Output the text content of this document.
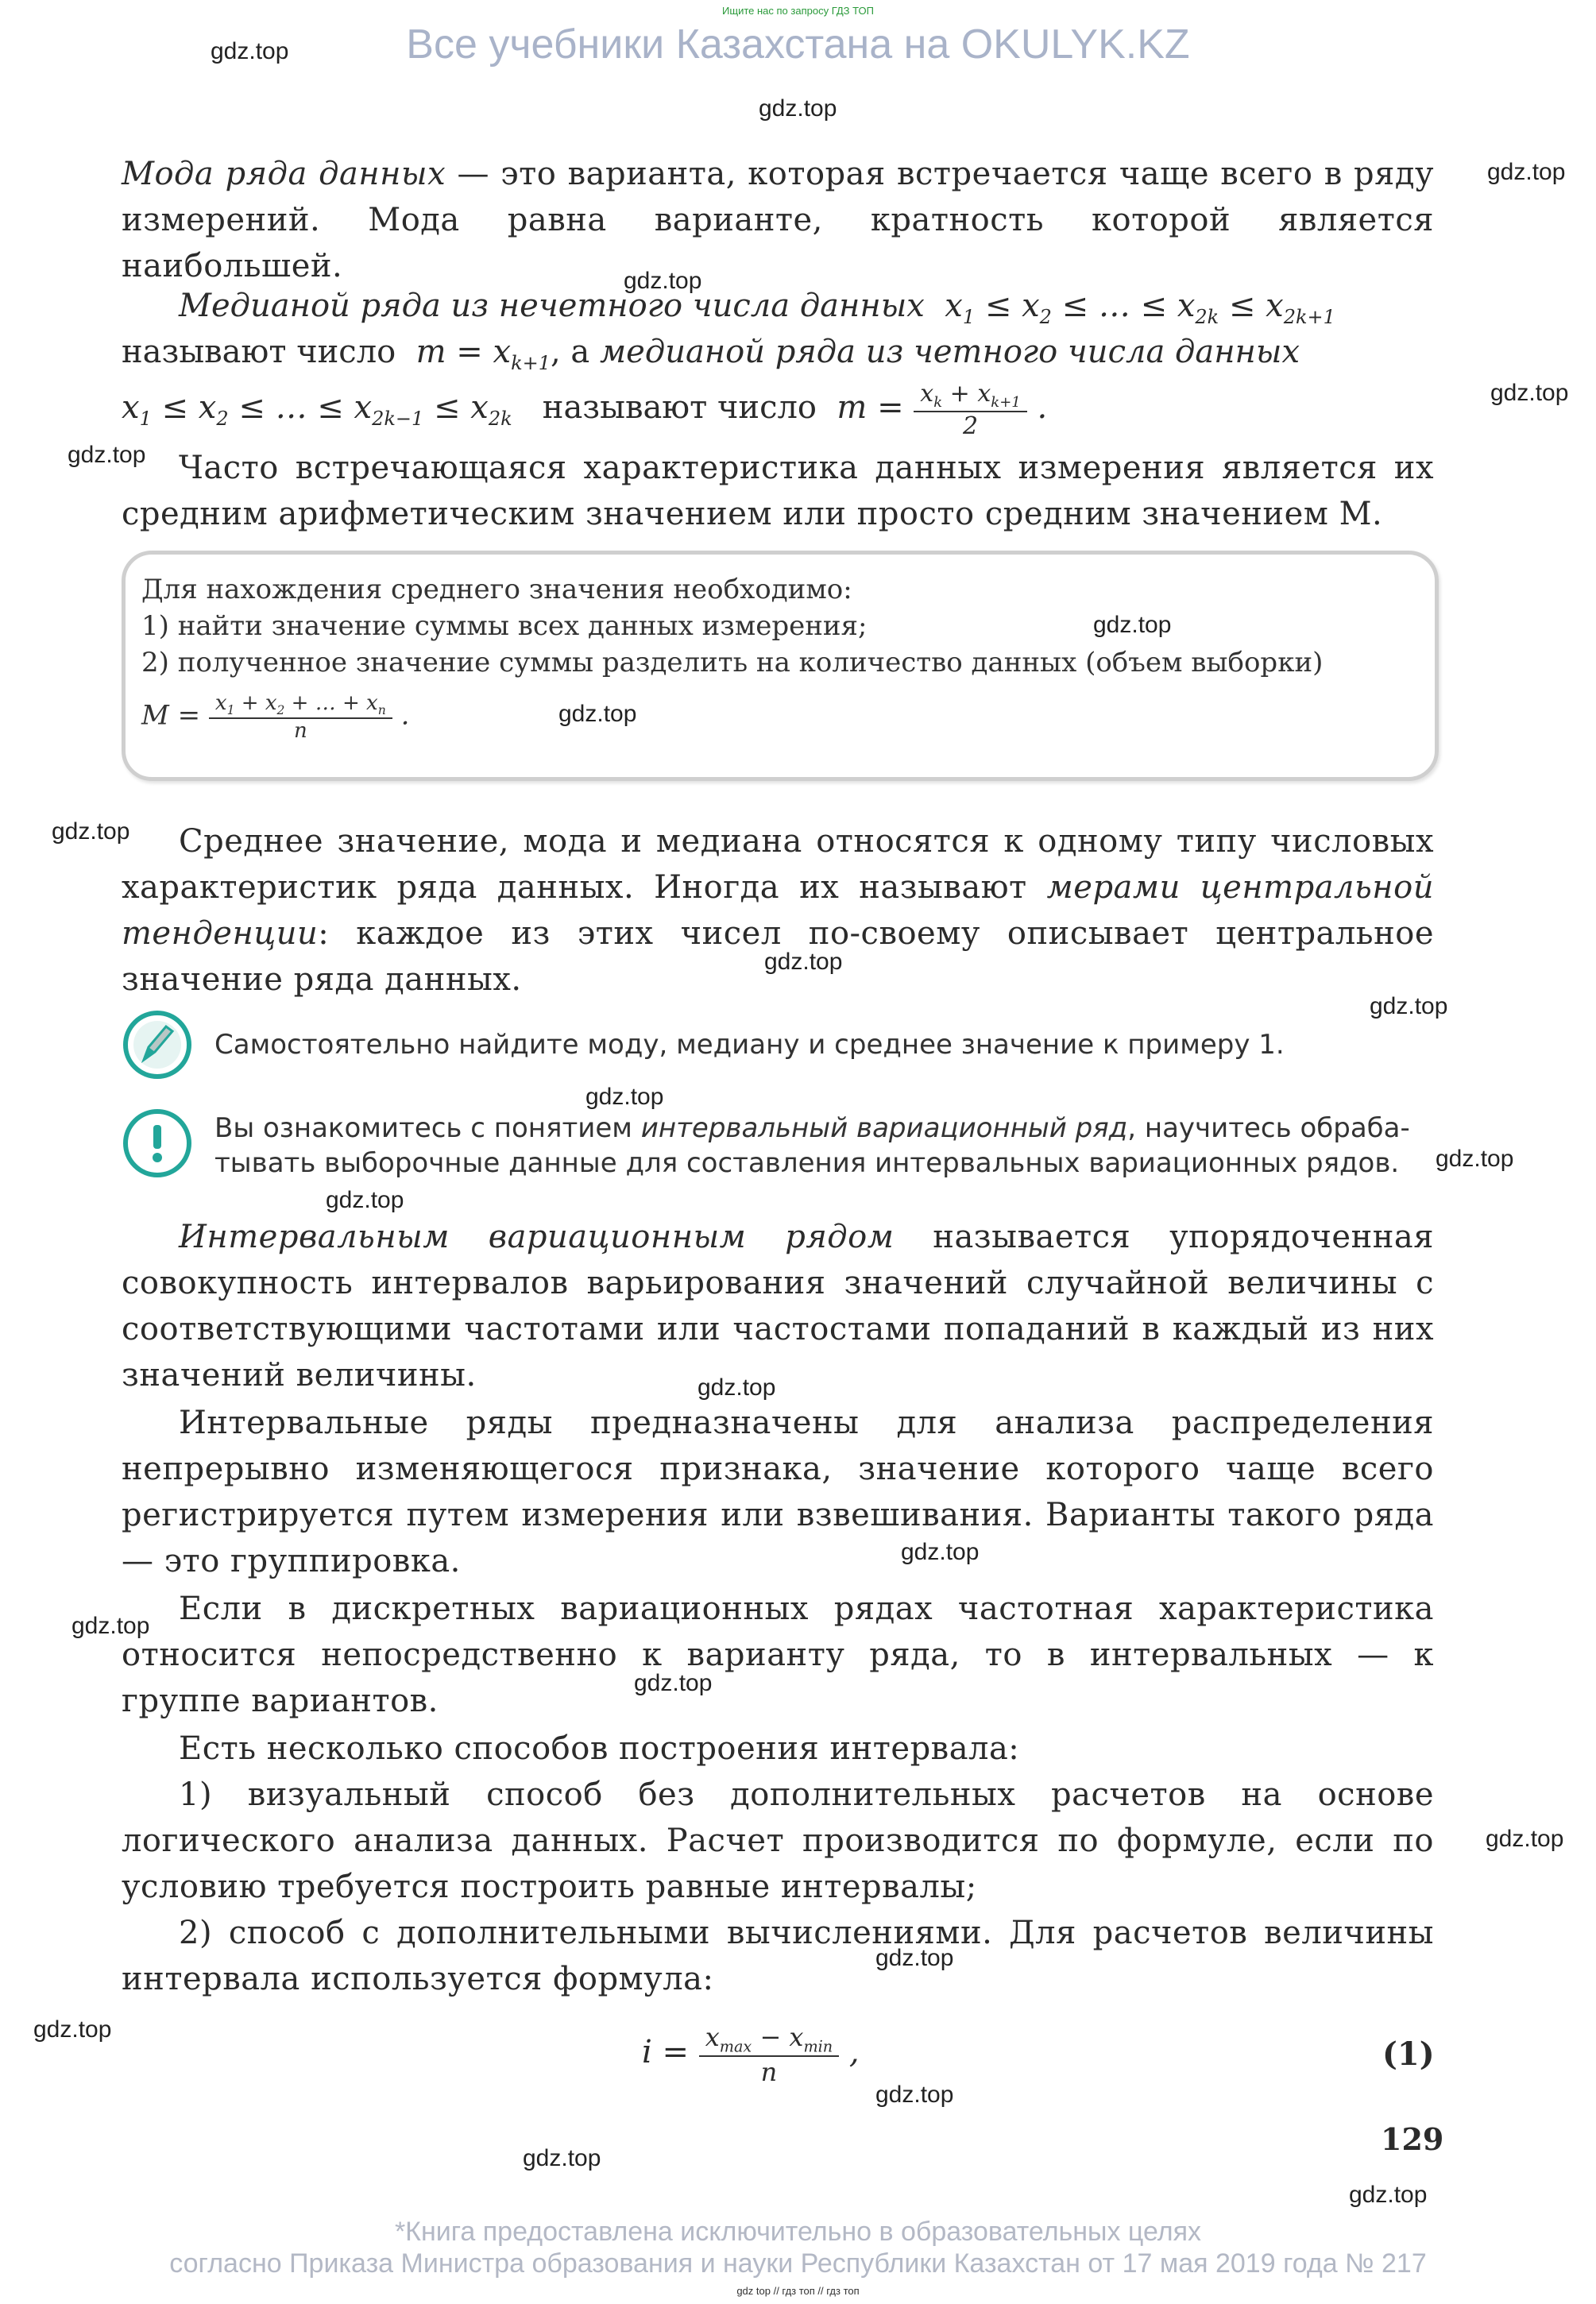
Ищите нас по запросу ГДЗ ТОП
Все учебники Казахстана на OKULYK.KZ
gdz.top
gdz.top
gdz.top
gdz.top
gdz.top
gdz.top
gdz.top
gdz.top
gdz.top
gdz.top
gdz.top
gdz.top
gdz.top
gdz.top
gdz.top
gdz.top
gdz.top
gdz.top
gdz.top
gdz.top
gdz.top
gdz.top
gdz.top
gdz.top
Мода ряда данных — это варианта, которая встречается чаще всего в ряду измерений. Мода равна варианте, кратность которой является наибольшей.
Медианой ряда из нечетного числа данных  $x_1 \le x_2$ ≤ … ≤ $x_{2k} \le x_{2k+1}$
называют число  $m = x_{k+1}$, а медианой ряда из четного числа данных
$x_1 \le x_2$ ≤ … ≤ $x_{2k-1} \le x_{2k}$ называют число  $m = \frac{x_k + x_{k+1}}{2}$ .
Часто встречающаяся характеристика данных измерения является их средним арифметическим значением или просто средним значением M.
Для нахождения среднего значения необходимо:
1) найти значение суммы всех данных измерения;
2) полученное значение суммы разделить на количество данных (объем выборки)
$M = \frac{x_1 + x_2 + \dots + x_n}{n}$ .
Среднее значение, мода и медиана относятся к одному типу числовых характеристик ряда данных. Иногда их называют мерами центральной тенденции: каждое из этих чисел по-своему описывает центральное значение ряда данных.
Самостоятельно найдите моду, медиану и среднее значение к примеру 1.
Вы ознакомитесь с понятием интервальный вариационный ряд, научитесь обраба-
тывать выборочные данные для составления интервальных вариационных рядов.
Интервальным вариационным рядом называется упорядоченная совокупность интервалов варьирования значений случайной величины с соответствующими частотами или частостами попаданий в каждый из них значений величины.
Интервальные ряды предназначены для анализа распределения непрерывно изменяющегося признака, значение которого чаще всего регистрируется путем измерения или взвешивания. Варианты такого ряда — это группировка.
Если в дискретных вариационных рядах частотная характеристика относится непосредственно к варианту ряда, то в интервальных — к группе вариантов.
Есть несколько способов построения интервала:
1) визуальный способ без дополнительных расчетов на основе логического анализа данных. Расчет производится по формуле, если по условию требуется построить равные интервалы;
2) способ с дополнительными вычислениями. Для расчетов величины интервала используется формула:
$i = \frac{x_{max} - x_{min}}{n}$ ,	(1)
129
*Книга предоставлена исключительно в образовательных целях
согласно Приказа Министра образования и науки Республики Казахстан от 17 мая 2019 года № 217
gdz top // гдз топ // гдз топ
